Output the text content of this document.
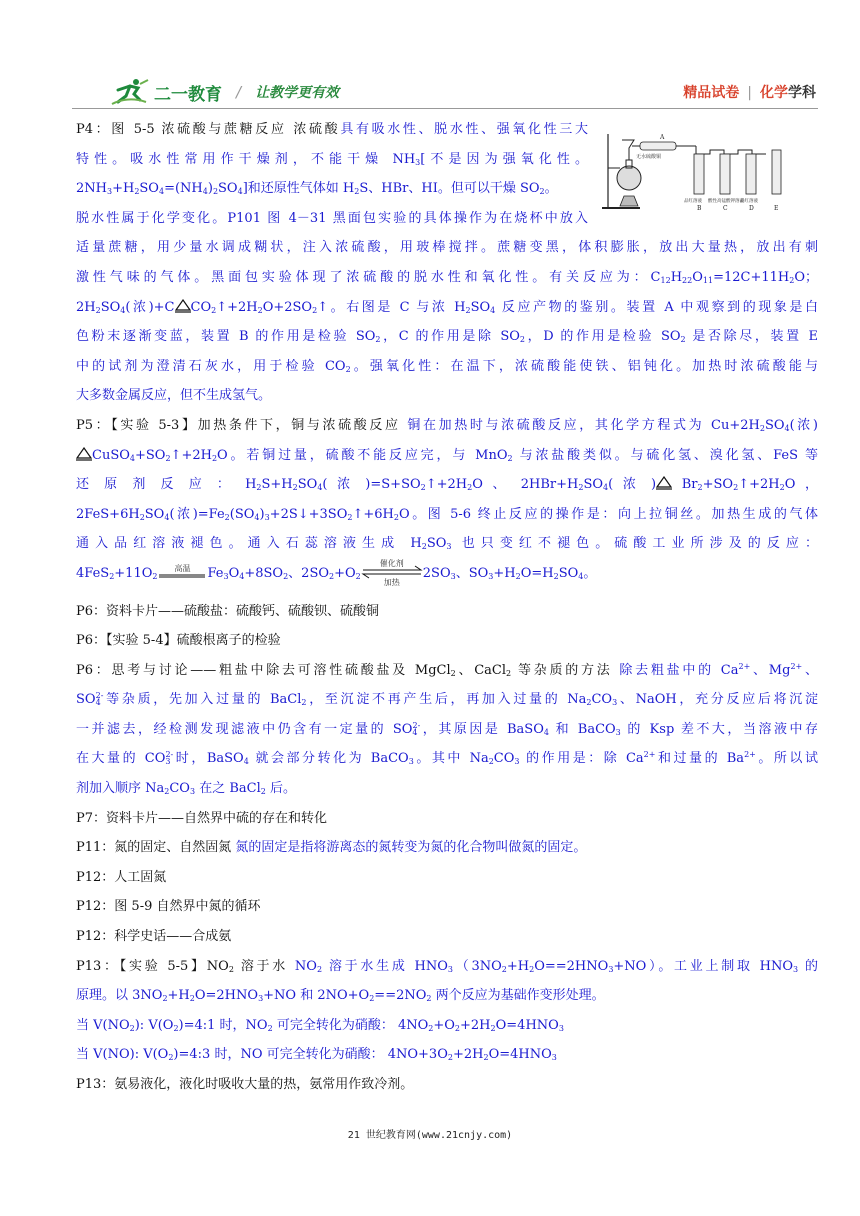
二一教育 / 让教学更有效	精品试卷 | 化学学科
无水硫酸铜
A
品红溶液 酸性高锰酸钾溶液
品红溶液
B	C	D	E

P4：图 5-5 浓硫酸与蔗糖反应 浓硫酸具有吸水性、脱水性、强氧化性三大

特性。吸水性常用作干燥剂，不能干燥 $NH_3$[不是因为强氧化性。

$2NH_3+H_2SO_4=(NH_4)_2SO_4$]和还原性气体如 $H_2S$、HBr、HI。但可以干燥 $SO_2$。

脱水性属于化学变化。P101 图 4－31 黑面包实验的具体操作为在烧杯中放入

适量蔗糖，用少量水调成糊状，注入浓硫酸，用玻棒搅拌。蔗糖变黑，体积膨胀，放出大量热，放出有刺

激性气味的气体。黑面包实验体现了浓硫酸的脱水性和氧化性。有关反应为：$C_{12}H_{22}O_{11}=12C+11H_2O$；

$2H_2SO_4$(浓)+C $CO_2↑+2H_2O+2SO_2↑$。右图是 C 与浓 $H_2SO_4$ 反应产物的鉴别。装置 A 中观察到的现象是白

色粉末逐渐变蓝，装置 B 的作用是检验 $SO_2$，C 的作用是除 $SO_2$，D 的作用是检验 $SO_2$ 是否除尽，装置 E

中的试剂为澄清石灰水，用于检验 $CO_2$。强氧化性：在温下，浓硫酸能使铁、铝钝化。加热时浓硫酸能与

大多数金属反应，但不生成氢气。

P5：【实验 5-3】加热条件下，铜与浓硫酸反应 铜在加热时与浓硫酸反应，其化学方程式为 $Cu+2H_2SO_4$(浓)

$CuSO_4+SO_2↑+2H_2O$。若铜过量，硫酸不能反应完，与 MnO$_2$ 与浓盐酸类似。与硫化氢、溴化氢、FeS 等

还 原 剂 反 应 ： $H_2S+H_2SO_4$( 浓 )$=S+SO_2↑+2H_2O$ 、 $2HBr+H_2SO_4$( 浓 ) $Br_2+SO_2↑+2H_2O$ ，

$2FeS+6H_2SO_4$(浓)$=Fe_2(SO_4)_3+2S↓+3SO_2↑+6H_2O$。图 5-6 终止反应的操作是：向上拉铜丝。加热生成的气体

通入品红溶液褪色。通入石蕊溶液生成 $H_2SO_3$ 也只变红不褪色。硫酸工业所涉及的反应：

$4FeS_2+11O_2$
高温	$Fe_3O_4+8SO_2$、$2SO_2+O_2$
催化剂
加热
$2SO_3$、$SO_3+H_2O=H_2SO_4$。

P6：资料卡片——硫酸盐：硫酸钙、硫酸钡、硫酸铜

P6：【实验 5-4】硫酸根离子的检验

P6：思考与讨论——粗盐中除去可溶性硫酸盐及 MgCl$_2$、CaCl$_2$ 等杂质的方法 除去粗盐中的 $Ca^{2+}$、$Mg^{2+}$、

$SO_4^{2-}$等杂质，先加入过量的 BaCl$_2$，至沉淀不再产生后，再加入过量的 $Na_2CO_3$、NaOH，充分反应后将沉淀

一并滤去，经检测发现滤液中仍含有一定量的 $SO_4^{2-}$，其原因是 BaSO$_4$ 和 BaCO$_3$ 的 Ksp 差不大，当溶液中存

在大量的 $CO_3^{2-}$时，BaSO$_4$ 就会部分转化为 BaCO$_3$。其中 $Na_2CO_3$ 的作用是：除 $Ca^{2+}$和过量的 $Ba^{2+}$。所以试

剂加入顺序 $Na_2CO_3$ 在之 BaCl$_2$ 后。

P7：资料卡片——自然界中硫的存在和转化

P11：氮的固定、自然固氮 氮的固定是指将游离态的氮转变为氮的化合物叫做氮的固定。

P12：人工固氮

P12：图 5-9 自然界中氮的循环

P12：科学史话——合成氨

P13：【实验 5-5】$NO_2$ 溶于水 $NO_2$ 溶于水生成 $HNO_3(3NO_2+H_2O==2HNO_3+NO)$。工业上制取 $HNO_3$ 的

原理。以 $3NO_2+H_2O=2HNO_3+NO$ 和 $2NO+O_2==2NO_2$ 两个反应为基础作变形处理。

当 $V(NO_2)$: $V(O_2)=4:1$ 时，$NO_2$ 可完全转化为硝酸： $4NO_2+O_2+2H_2O=4HNO_3$

当 V(NO): $V(O_2)=4:3$ 时，NO 可完全转化为硝酸： $4NO+3O_2+2H_2O=4HNO_3$

P13：氨易液化，液化时吸收大量的热，氨常用作致冷剂。

21 世纪教育网(www.21cnjy.com)
